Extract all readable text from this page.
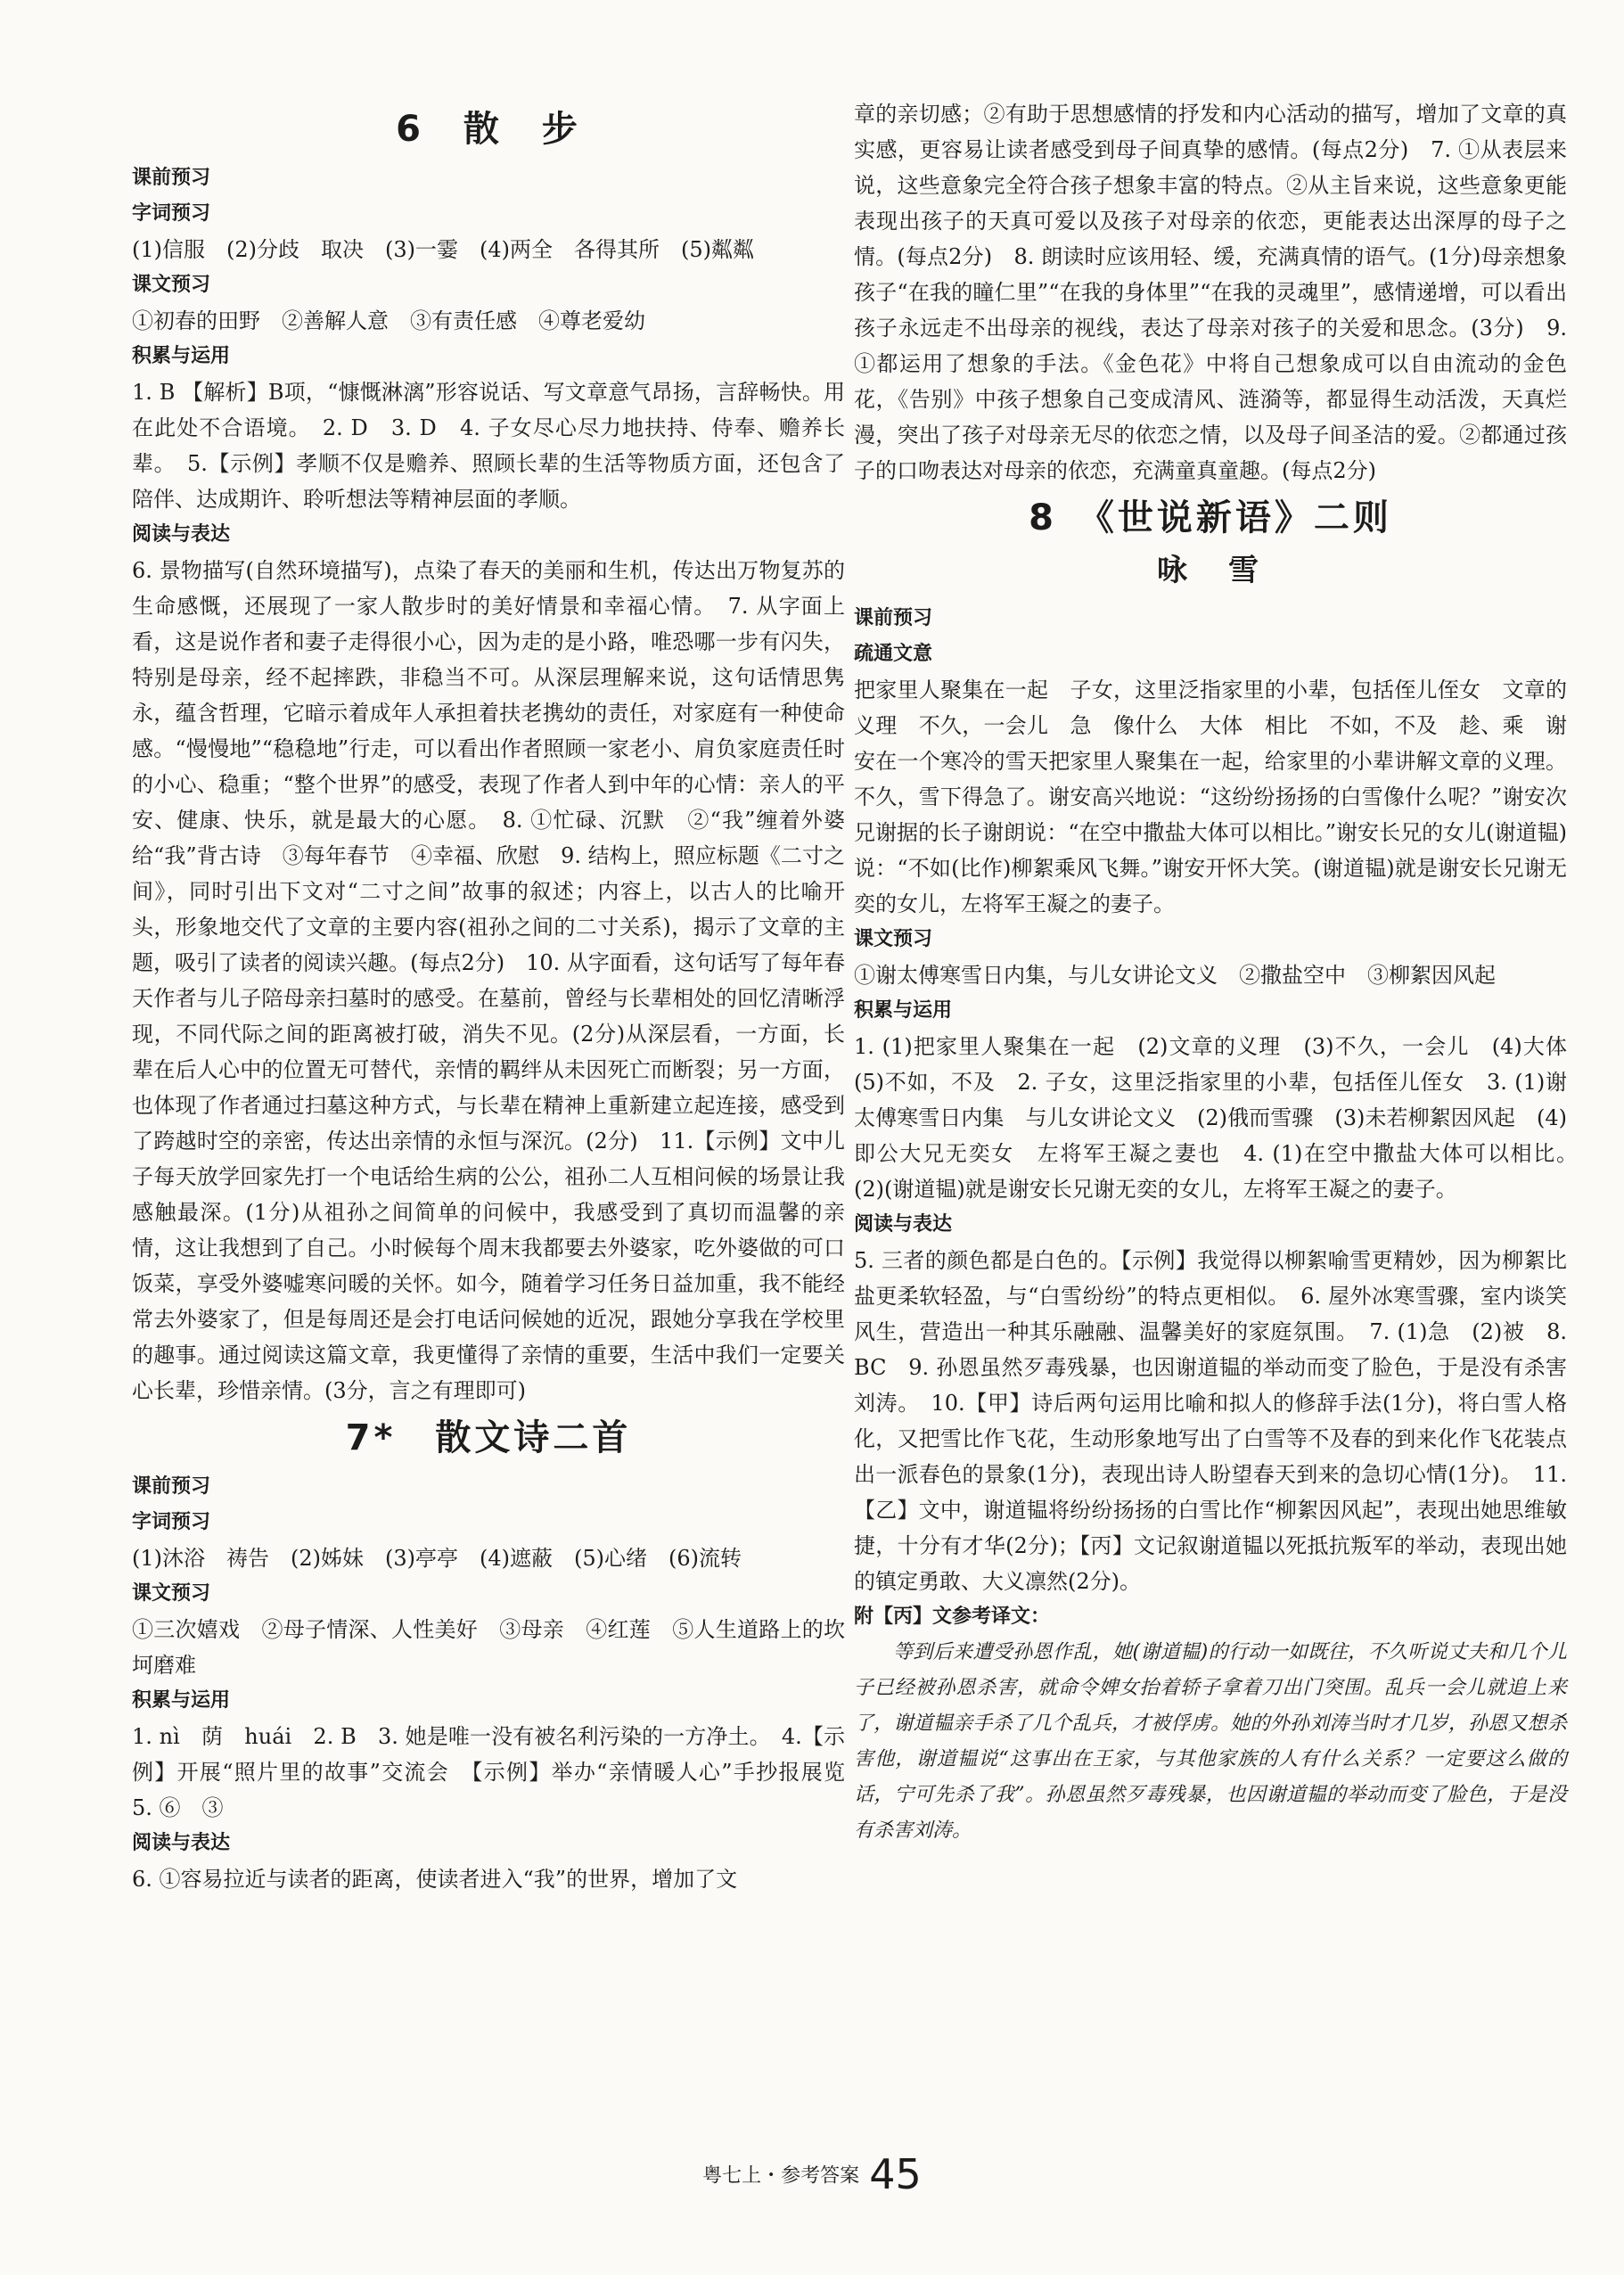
6　散　步
课前预习
字词预习

(1)信服　(2)分歧　取决　(3)一霎　(4)两全　各得其所　(5)粼粼

课文预习

①初春的田野　②善解人意　③有责任感　④尊老爱幼

积累与运用

1. B 【解析】B项，“慷慨淋漓”形容说话、写文章意气昂扬，言辞畅快。用在此处不合语境。　2. D　3. D　4. 子女尽心尽力地扶持、侍奉、赡养长辈。　5.【示例】孝顺不仅是赡养、照顾长辈的生活等物质方面，还包含了陪伴、达成期许、聆听想法等精神层面的孝顺。

阅读与表达

6. 景物描写(自然环境描写)，点染了春天的美丽和生机，传达出万物复苏的生命感慨，还展现了一家人散步时的美好情景和幸福心情。　7. 从字面上看，这是说作者和妻子走得很小心，因为走的是小路，唯恐哪一步有闪失，特别是母亲，经不起摔跌，非稳当不可。从深层理解来说，这句话情思隽永，蕴含哲理，它暗示着成年人承担着扶老携幼的责任，对家庭有一种使命感。“慢慢地”“稳稳地”行走，可以看出作者照顾一家老小、肩负家庭责任时的小心、稳重；“整个世界”的感受，表现了作者人到中年的心情：亲人的平安、健康、快乐，就是最大的心愿。　8. ①忙碌、沉默　②“我”缠着外婆给“我”背古诗　③每年春节　④幸福、欣慰　9. 结构上，照应标题《二寸之间》，同时引出下文对“二寸之间”故事的叙述；内容上，以古人的比喻开头，形象地交代了文章的主要内容(祖孙之间的二寸关系)，揭示了文章的主题，吸引了读者的阅读兴趣。(每点2分)　10. 从字面看，这句话写了每年春天作者与儿子陪母亲扫墓时的感受。在墓前，曾经与长辈相处的回忆清晰浮现，不同代际之间的距离被打破，消失不见。(2分)从深层看，一方面，长辈在后人心中的位置无可替代，亲情的羁绊从未因死亡而断裂；另一方面，也体现了作者通过扫墓这种方式，与长辈在精神上重新建立起连接，感受到了跨越时空的亲密，传达出亲情的永恒与深沉。(2分)　11.【示例】文中儿子每天放学回家先打一个电话给生病的公公，祖孙二人互相问候的场景让我感触最深。(1分)从祖孙之间简单的问候中，我感受到了真切而温馨的亲情，这让我想到了自己。小时候每个周末我都要去外婆家，吃外婆做的可口饭菜，享受外婆嘘寒问暖的关怀。如今，随着学习任务日益加重，我不能经常去外婆家了，但是每周还是会打电话问候她的近况，跟她分享我在学校里的趣事。通过阅读这篇文章，我更懂得了亲情的重要，生活中我们一定要关心长辈，珍惜亲情。(3分，言之有理即可)

7*　散文诗二首
课前预习
字词预习

(1)沐浴　祷告　(2)姊妹　(3)亭亭　(4)遮蔽　(5)心绪　(6)流转

课文预习

①三次嬉戏　②母子情深、人性美好　③母亲　④红莲　⑤人生道路上的坎坷磨难

积累与运用

1. nì　荫　huái　2. B　3. 她是唯一没有被名利污染的一方净土。　4.【示例】开展“照片里的故事”交流会　【示例】举办“亲情暖人心”手抄报展览　5. ⑥　③

阅读与表达

6. ①容易拉近与读者的距离，使读者进入“我”的世界，增加了文

章的亲切感；②有助于思想感情的抒发和内心活动的描写，增加了文章的真实感，更容易让读者感受到母子间真挚的感情。(每点2分)　7. ①从表层来说，这些意象完全符合孩子想象丰富的特点。②从主旨来说，这些意象更能表现出孩子的天真可爱以及孩子对母亲的依恋，更能表达出深厚的母子之情。(每点2分)　8. 朗读时应该用轻、缓，充满真情的语气。(1分)母亲想象孩子“在我的瞳仁里”“在我的身体里”“在我的灵魂里”，感情递增，可以看出孩子永远走不出母亲的视线，表达了母亲对孩子的关爱和思念。(3分)　9. ①都运用了想象的手法。《金色花》中将自己想象成可以自由流动的金色花，《告别》中孩子想象自己变成清风、涟漪等，都显得生动活泼，天真烂漫，突出了孩子对母亲无尽的依恋之情，以及母子间圣洁的爱。②都通过孩子的口吻表达对母亲的依恋，充满童真童趣。(每点2分)

8　《世说新语》二则
咏　雪
课前预习
疏通文意

把家里人聚集在一起　子女，这里泛指家里的小辈，包括侄儿侄女　文章的义理　不久，一会儿　急　像什么　大体　相比　不如，不及　趁、乘　谢安在一个寒冷的雪天把家里人聚集在一起，给家里的小辈讲解文章的义理。不久，雪下得急了。谢安高兴地说：“这纷纷扬扬的白雪像什么呢？”谢安次兄谢据的长子谢朗说：“在空中撒盐大体可以相比。”谢安长兄的女儿(谢道韫)说：“不如(比作)柳絮乘风飞舞。”谢安开怀大笑。(谢道韫)就是谢安长兄谢无奕的女儿，左将军王凝之的妻子。

课文预习

①谢太傅寒雪日内集，与儿女讲论文义　②撒盐空中　③柳絮因风起

积累与运用

1. (1)把家里人聚集在一起　(2)文章的义理　(3)不久，一会儿　(4)大体　(5)不如，不及　2. 子女，这里泛指家里的小辈，包括侄儿侄女　3. (1)谢太傅寒雪日内集　与儿女讲论文义　(2)俄而雪骤　(3)未若柳絮因风起　(4)即公大兄无奕女　左将军王凝之妻也　4. (1)在空中撒盐大体可以相比。　(2)(谢道韫)就是谢安长兄谢无奕的女儿，左将军王凝之的妻子。

阅读与表达

5. 三者的颜色都是白色的。【示例】我觉得以柳絮喻雪更精妙，因为柳絮比盐更柔软轻盈，与“白雪纷纷”的特点更相似。　6. 屋外冰寒雪骤，室内谈笑风生，营造出一种其乐融融、温馨美好的家庭氛围。　7. (1)急　(2)被　8. BC　9. 孙恩虽然歹毒残暴，也因谢道韫的举动而变了脸色，于是没有杀害刘涛。　10.【甲】诗后两句运用比喻和拟人的修辞手法(1分)，将白雪人格化，又把雪比作飞花，生动形象地写出了白雪等不及春的到来化作飞花装点出一派春色的景象(1分)，表现出诗人盼望春天到来的急切心情(1分)。　11.【乙】文中，谢道韫将纷纷扬扬的白雪比作“柳絮因风起”，表现出她思维敏捷，十分有才华(2分)；【丙】文记叙谢道韫以死抵抗叛军的举动，表现出她的镇定勇敢、大义凛然(2分)。

附【丙】文参考译文：

等到后来遭受孙恩作乱，她(谢道韫)的行动一如既往，不久听说丈夫和几个儿子已经被孙恩杀害，就命令婢女抬着轿子拿着刀出门突围。乱兵一会儿就追上来了，谢道韫亲手杀了几个乱兵，才被俘虏。她的外孙刘涛当时才几岁，孙恩又想杀害他，谢道韫说“这事出在王家，与其他家族的人有什么关系？一定要这么做的话，宁可先杀了我”。孙恩虽然歹毒残暴，也因谢道韫的举动而变了脸色，于是没有杀害刘涛。

粤七上・参考答案 45
